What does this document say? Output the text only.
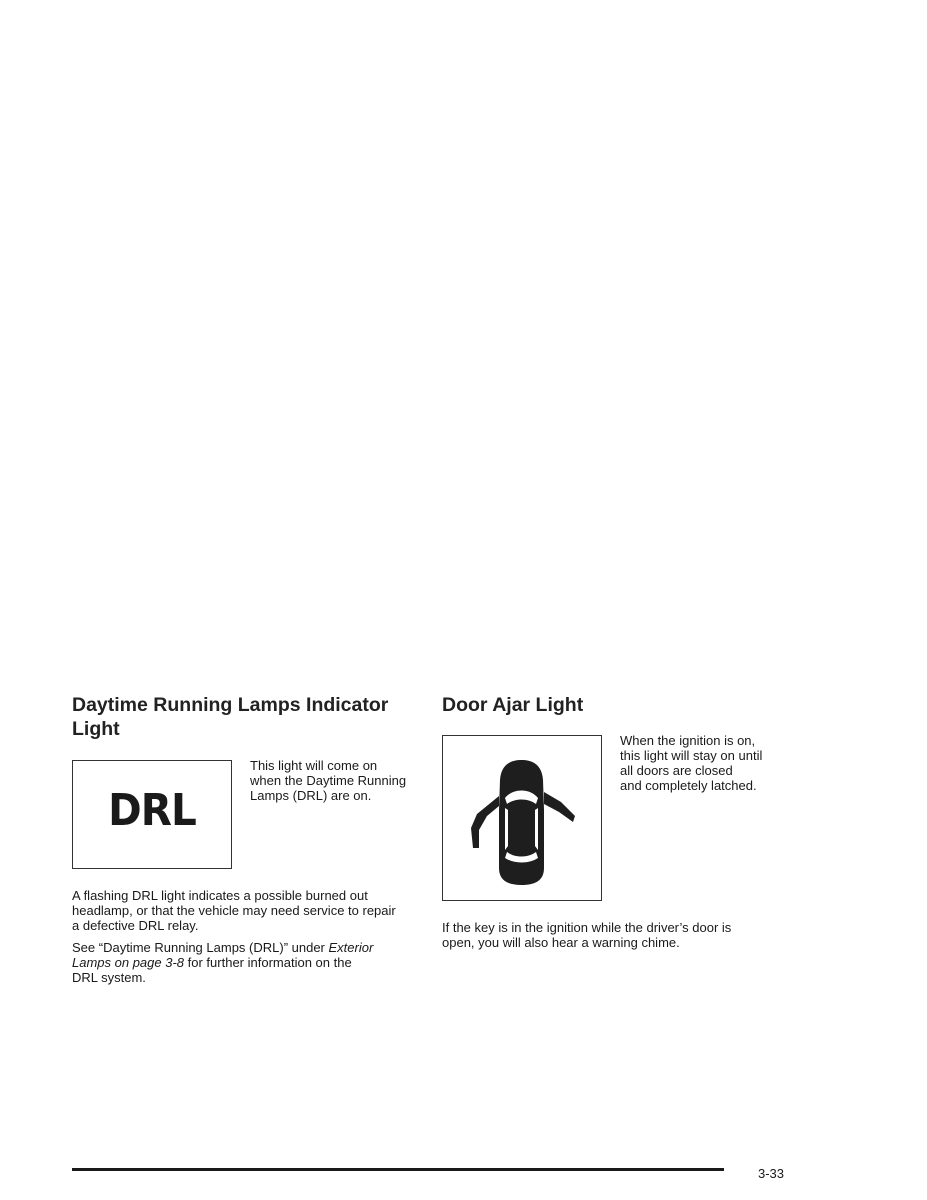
Daytime Running Lamps Indicator
Light
DRL

This light will come on
when the Daytime Running
Lamps (DRL) are on.

A flashing DRL light indicates a possible burned out
headlamp, or that the vehicle may need service to repair
a defective DRL relay.

See “Daytime Running Lamps (DRL)” under Exterior
Lamps on page 3-8 for further information on the
DRL system.

Door Ajar Light

When the ignition is on,
this light will stay on until
all doors are closed
and completely latched.

If the key is in the ignition while the driver’s door is
open, you will also hear a warning chime.

3-33
